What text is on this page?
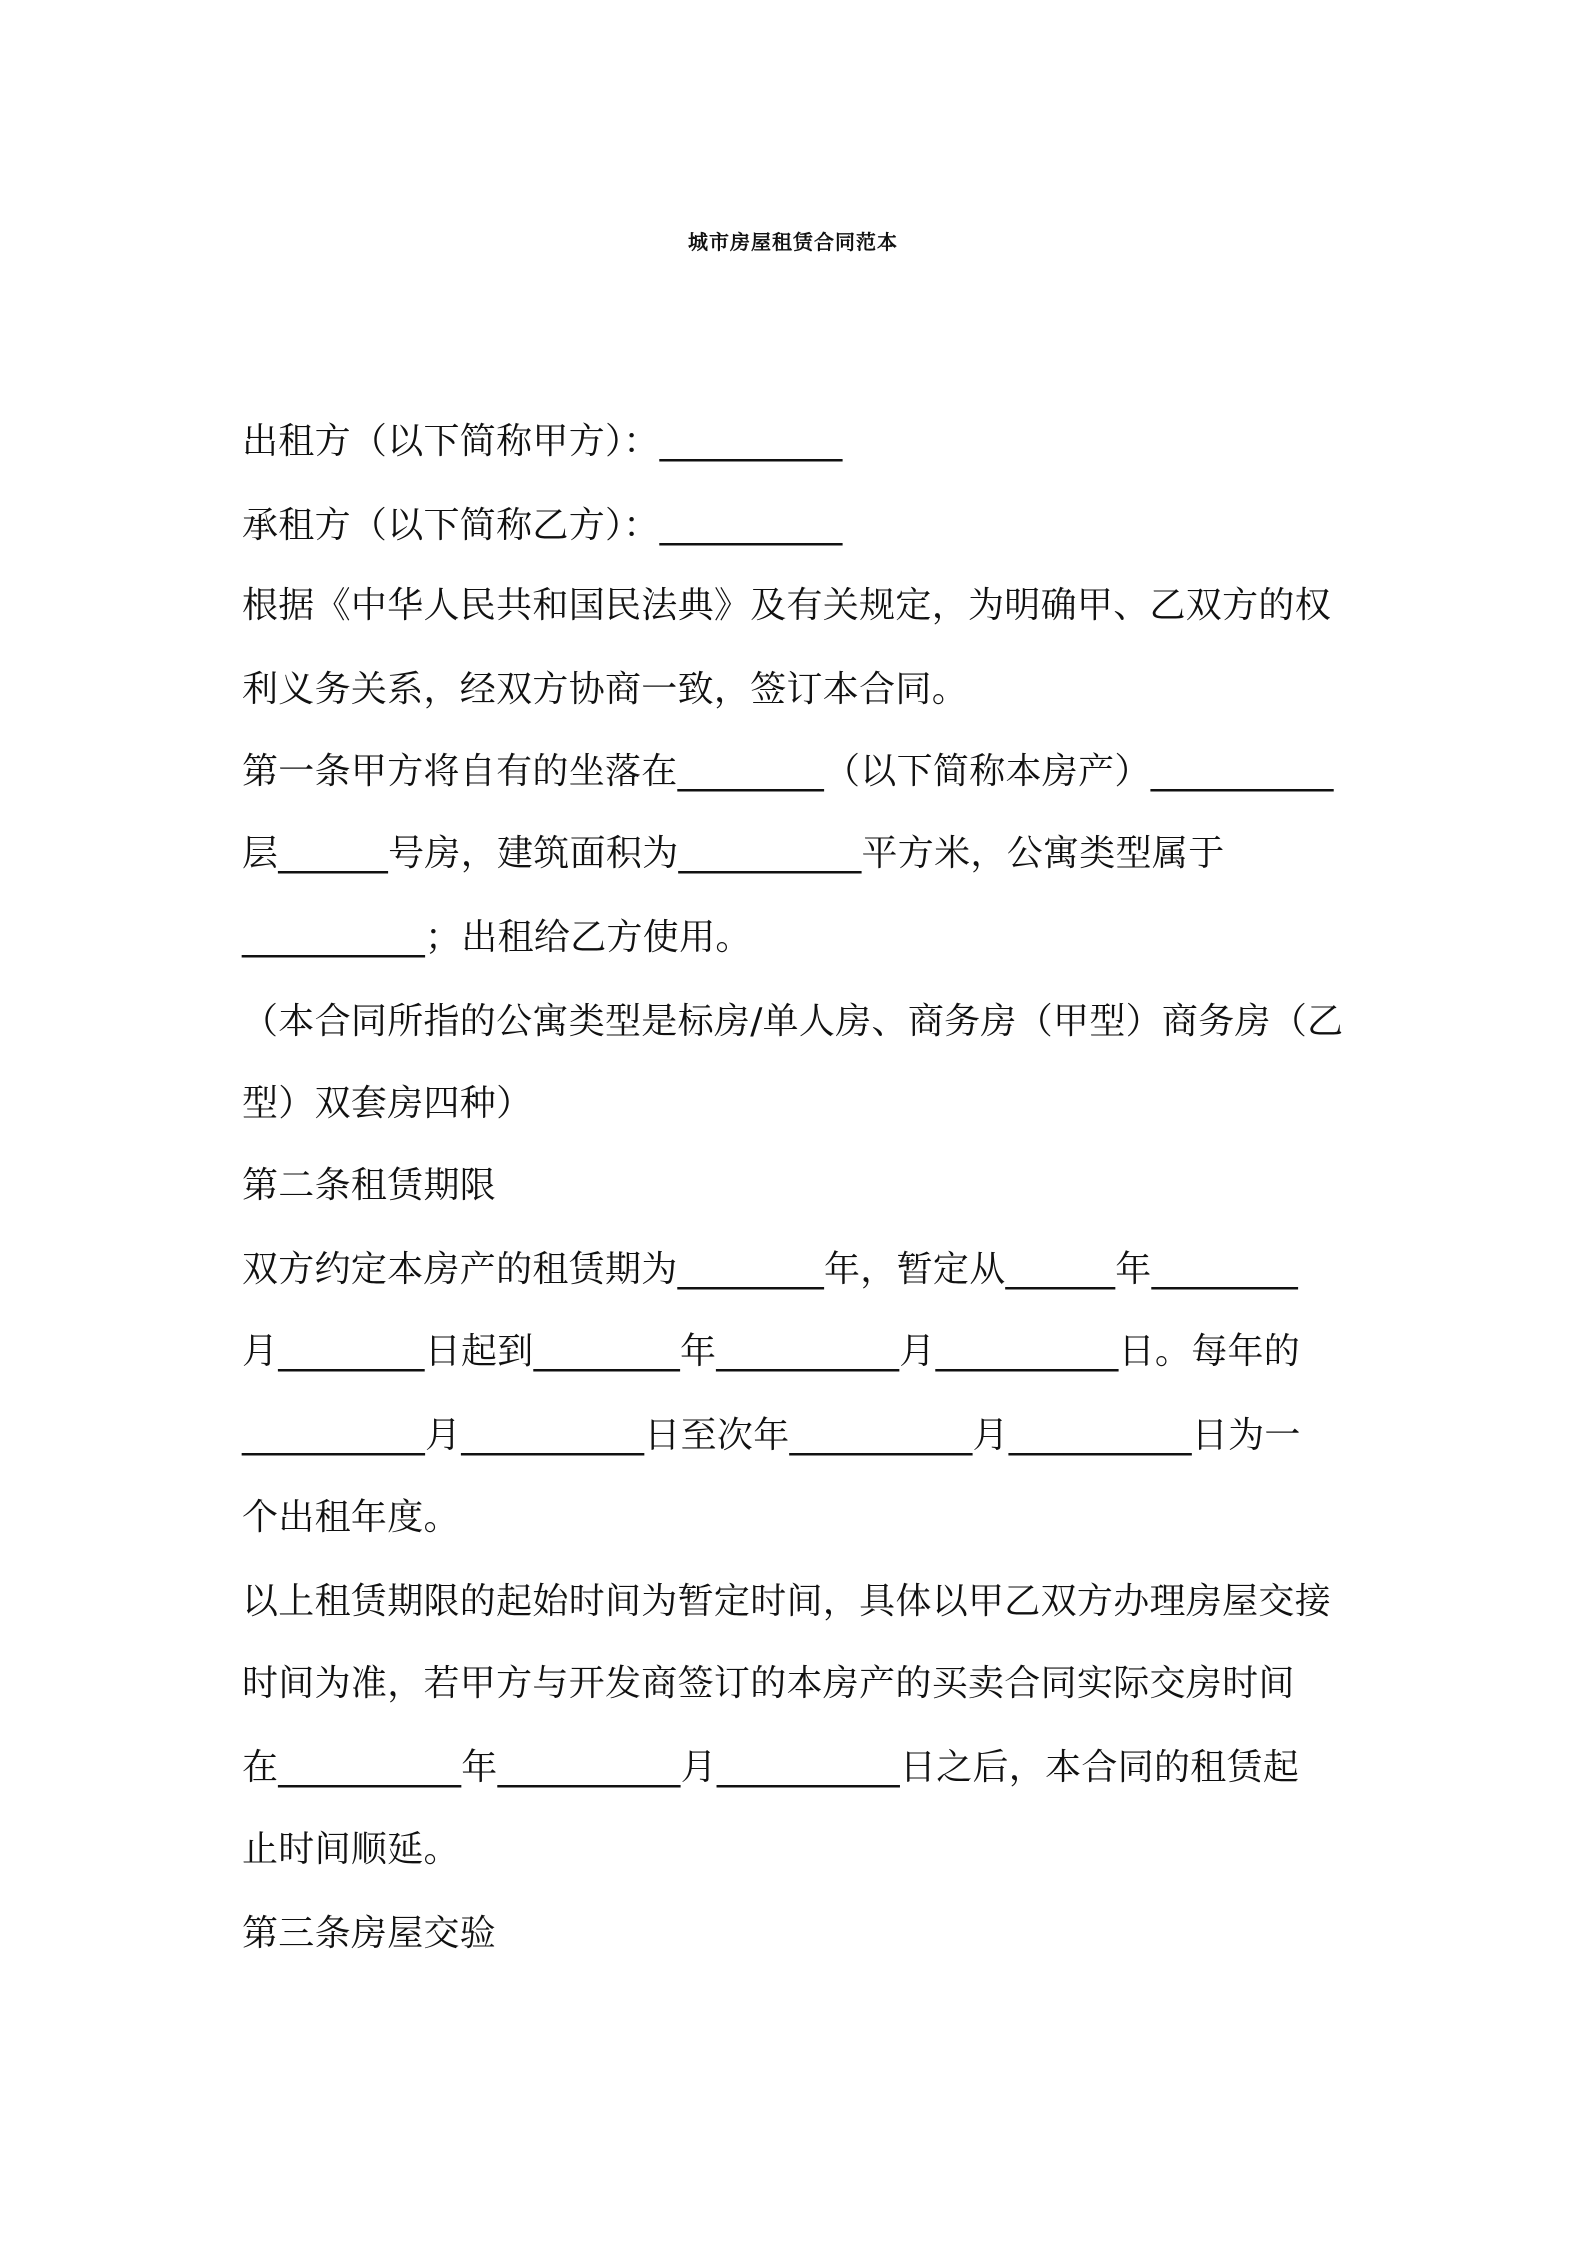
城市房屋租赁合同范本
出租方（以下简称甲方）：__________
承租方（以下简称乙方）：__________
根据《中华人民共和国民法典》及有关规定，为明确甲、乙双方的权
利义务关系，经双方协商一致，签订本合同。
第一条甲方将自有的坐落在________（以下简称本房产）__________
层______号房，建筑面积为__________平方米，公寓类型属于
__________；出租给乙方使用。
（本合同所指的公寓类型是标房/单人房、商务房（甲型）商务房（乙
型）双套房四种）
第二条租赁期限
双方约定本房产的租赁期为________年，暂定从______年________
月________日起到________年__________月__________日。每年的
__________月__________日至次年__________月__________日为一
个出租年度。
以上租赁期限的起始时间为暂定时间，具体以甲乙双方办理房屋交接
时间为准，若甲方与开发商签订的本房产的买卖合同实际交房时间
在__________年__________月__________日之后，本合同的租赁起
止时间顺延。
第三条房屋交验
